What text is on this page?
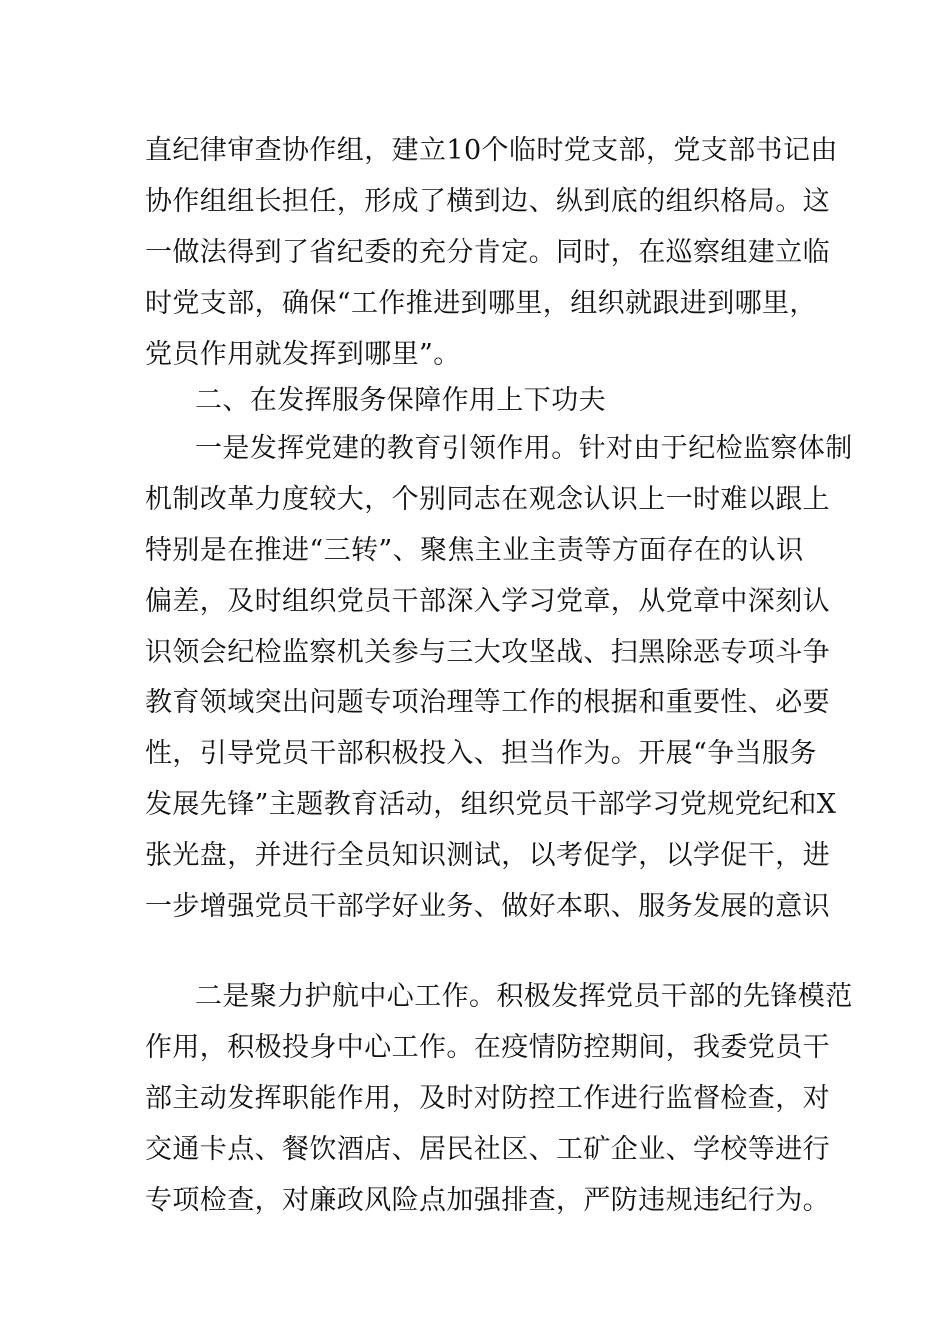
直纪律审查协作组，建立10个临时党支部，党支部书记由
协作组组长担任，形成了横到边、纵到底的组织格局。这
一做法得到了省纪委的充分肯定。同时，在巡察组建立临
时党支部，确保“工作推进到哪里，组织就跟进到哪里，
党员作用就发挥到哪里”。
二、在发挥服务保障作用上下功夫
一是发挥党建的教育引领作用。针对由于纪检监察体制
机制改革力度较大，个别同志在观念认识上一时难以跟上
特别是在推进“三转”、聚焦主业主责等方面存在的认识
偏差，及时组织党员干部深入学习党章，从党章中深刻认
识领会纪检监察机关参与三大攻坚战、扫黑除恶专项斗争
教育领域突出问题专项治理等工作的根据和重要性、必要
性，引导党员干部积极投入、担当作为。开展“争当服务
发展先锋”主题教育活动，组织党员干部学习党规党纪和X
张光盘，并进行全员知识测试，以考促学，以学促干，进
一步增强党员干部学好业务、做好本职、服务发展的意识
二是聚力护航中心工作。积极发挥党员干部的先锋模范
作用，积极投身中心工作。在疫情防控期间，我委党员干
部主动发挥职能作用，及时对防控工作进行监督检查，对
交通卡点、餐饮酒店、居民社区、工矿企业、学校等进行
专项检查，对廉政风险点加强排查，严防违规违纪行为。
